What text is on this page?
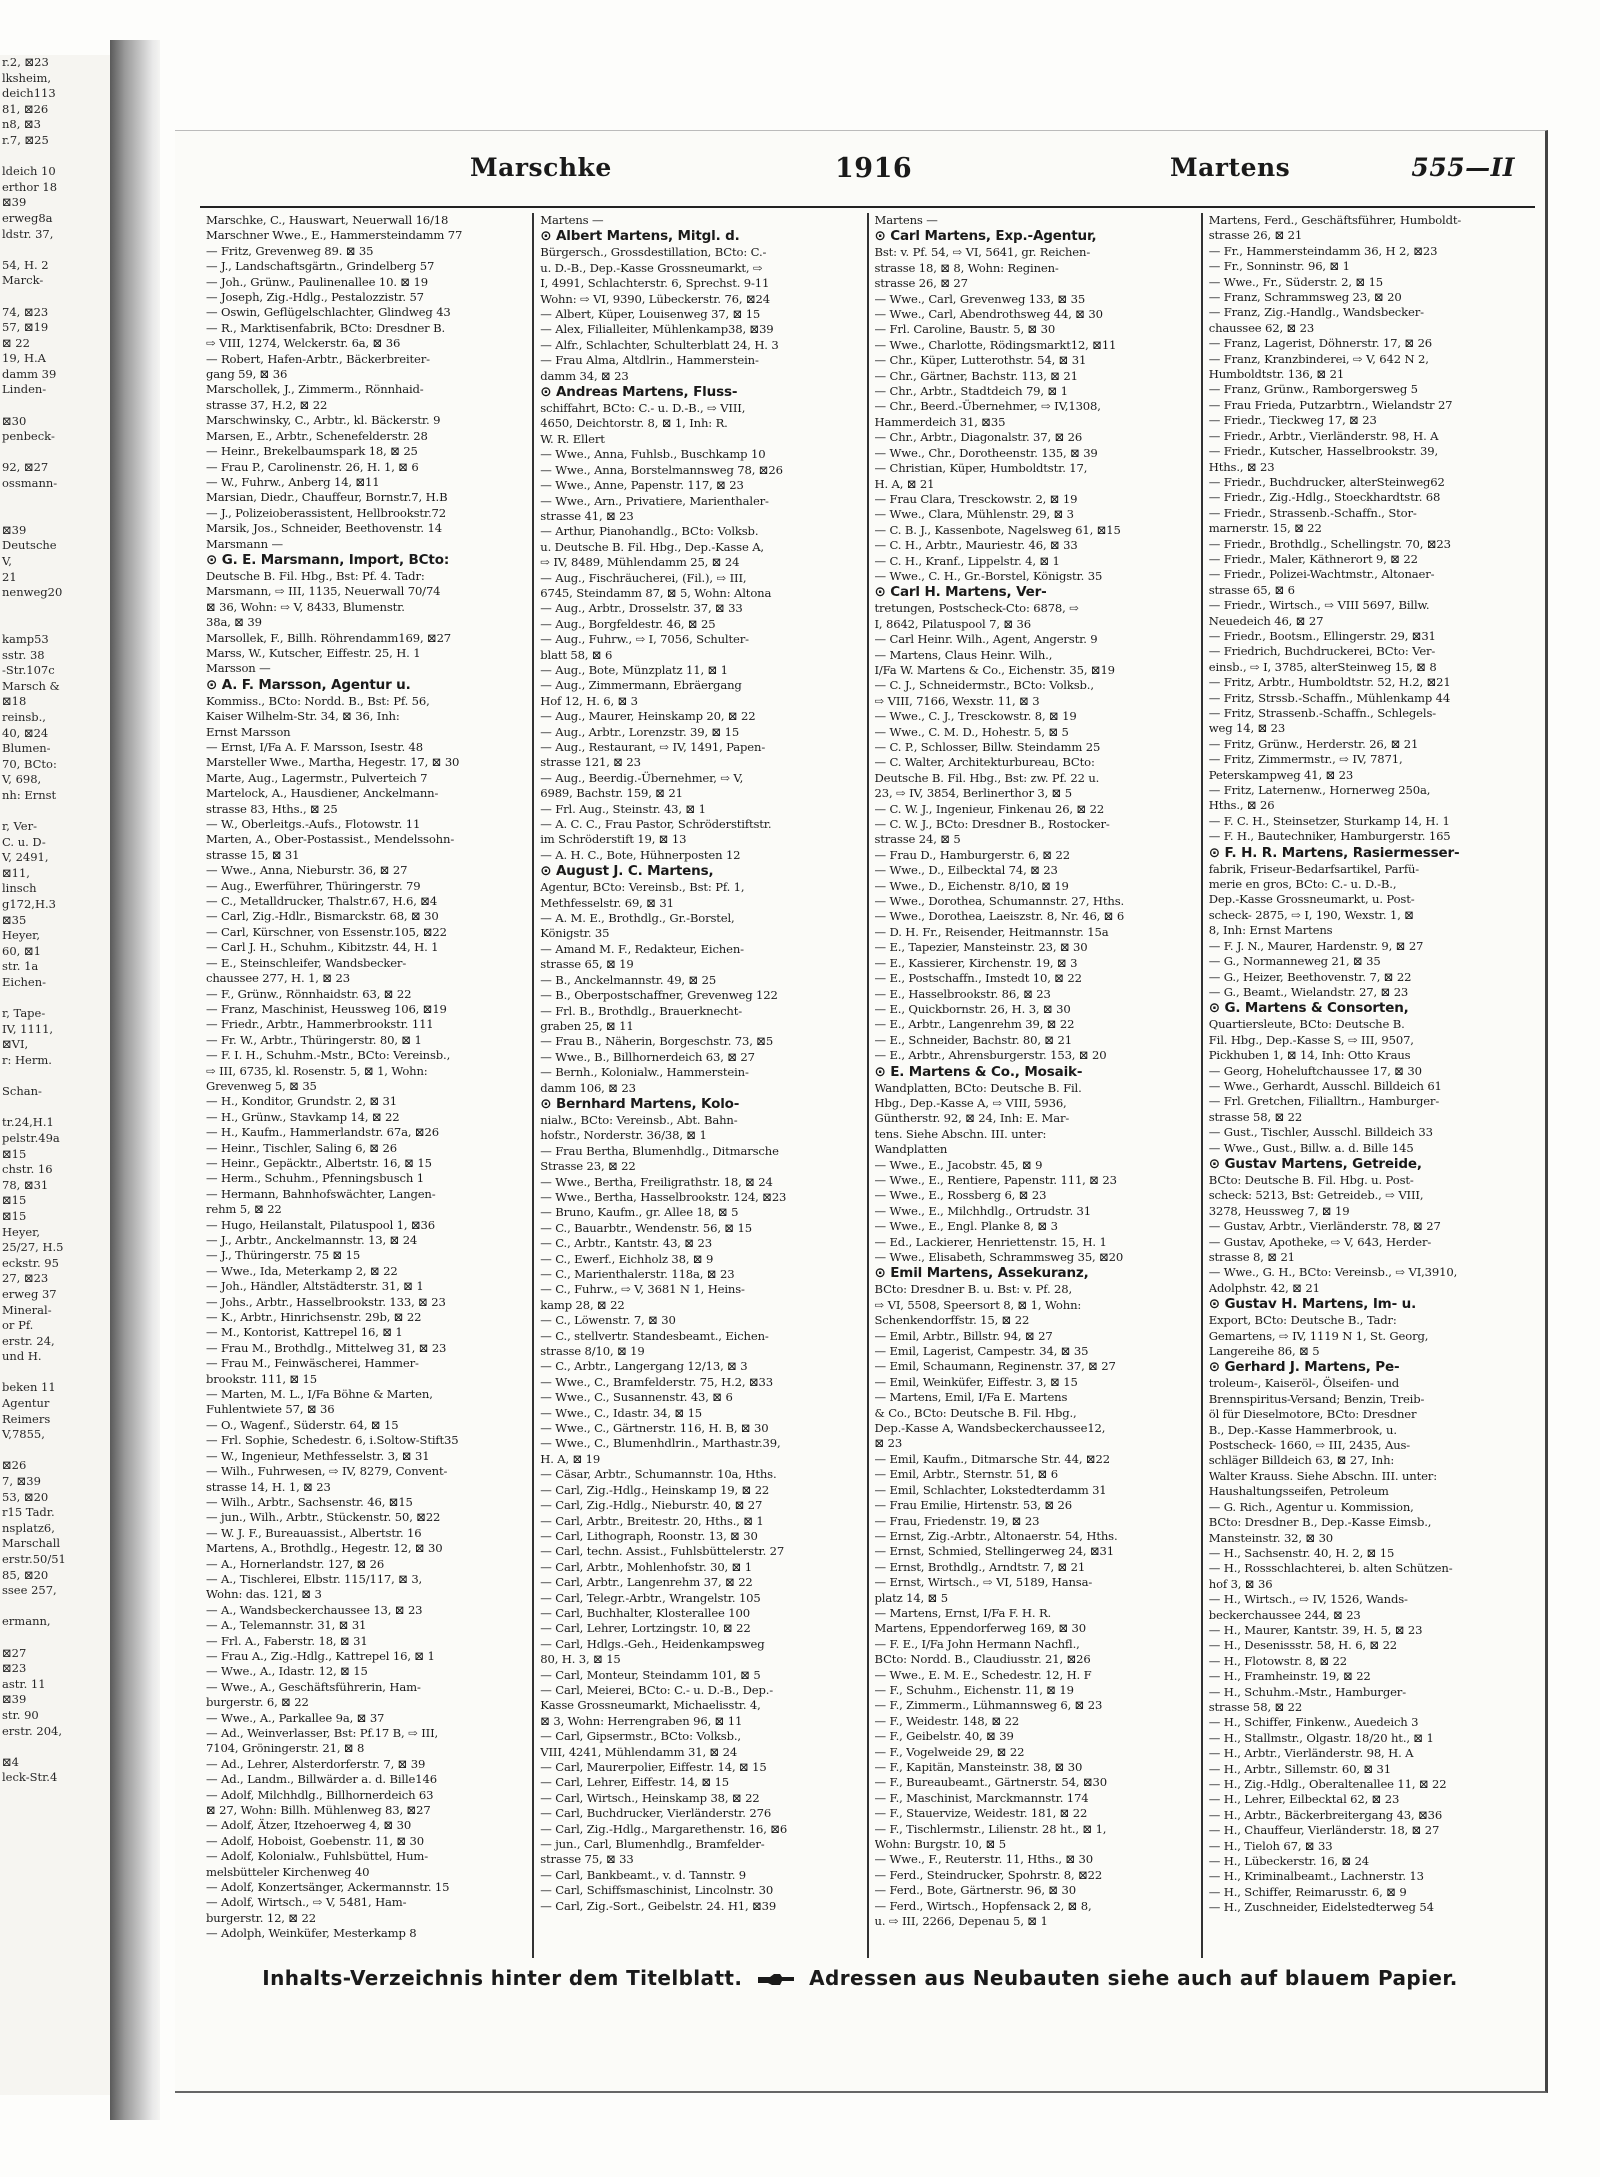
r.2, ⊠23
lksheim,
deich113
81, ⊠26
n8, ⊠3
r.7, ⊠25

ldeich 10
erthor 18
⊠39
erweg8a
ldstr. 37,

54, H. 2
Marck-

74, ⊠23
57, ⊠19
⊠ 22
19, H.A
damm 39
Linden-

⊠30
penbeck-

92, ⊠27
ossmann-

⊠39
Deutsche
V,
21
nenweg20

kamp53
sstr. 38
-Str.107c
Marsch &
⊠18
reinsb.,
40, ⊠24
Blumen-
70, BCto:
V, 698,
nh: Ernst

r, Ver-
C. u. D-
V, 2491,
⊠11,
linsch
g172,H.3
⊠35
Heyer,
60, ⊠1
str. 1a
Eichen-

r, Tape-
IV, 1111,
⊠VI,
r: Herm.

Schan-

tr.24,H.1
pelstr.49a
⊠15
chstr. 16
78, ⊠31
⊠15
⊠15
Heyer,
25/27, H.5
eckstr. 95
27, ⊠23
erweg 37
Mineral-
or Pf.
erstr. 24,
und H.

beken 11
Agentur
Reimers
V,7855,

⊠26
7, ⊠39
53, ⊠20
r15 Tadr.
nsplatz6,
Marschall
erstr.50/51
85, ⊠20
ssee 257,

ermann,

⊠27
⊠23
astr. 11
⊠39
str. 90
erstr. 204,

⊠4
leck-Str.4
Marschke	1916	Martens	555—II
Marschke, C., Hauswart, Neuerwall 16/18
Marschner Wwe., E., Hammersteindamm 77
— Fritz, Grevenweg 89. ⊠ 35
— J., Landschaftsgärtn., Grindelberg 57
— Joh., Grünw., Paulinenallee 10. ⊠ 19
— Joseph, Zig.-Hdlg., Pestalozzistr. 57
— Oswin, Geflügelschlachter, Glindweg 43
— R., Marktisenfabrik, BCto: Dresdner B.
⇨ VIII, 1274, Welckerstr. 6a, ⊠ 36
— Robert, Hafen-Arbtr., Bäckerbreiter-
gang 59, ⊠ 36
Marschollek, J., Zimmerm., Rönnhaid-
strasse 37, H.2, ⊠ 22
Marschwinsky, C., Arbtr., kl. Bäckerstr. 9
Marsen, E., Arbtr., Schenefelderstr. 28
— Heinr., Brekelbaumspark 18, ⊠ 25
— Frau P., Carolinenstr. 26, H. 1, ⊠ 6
— W., Fuhrw., Anberg 14, ⊠11
Marsian, Diedr., Chauffeur, Bornstr.7, H.B
— J., Polizeioberassistent, Hellbrookstr.72
Marsik, Jos., Schneider, Beethovenstr. 14
Marsmann —
⊙ G. E. Marsmann, Import, BCto:
Deutsche B. Fil. Hbg., Bst: Pf. 4. Tadr:
Marsmann, ⇨ III, 1135, Neuerwall 70/74
⊠ 36, Wohn: ⇨ V, 8433, Blumenstr.
38a, ⊠ 39
Marsollek, F., Billh. Röhrendamm169, ⊠27
Marss, W., Kutscher, Eiffestr. 25, H. 1
Marsson —
⊙ A. F. Marsson, Agentur u.
Kommiss., BCto: Nordd. B., Bst: Pf. 56,
Kaiser Wilhelm-Str. 34, ⊠ 36, Inh:
Ernst Marsson
— Ernst, I/Fa A. F. Marsson, Isestr. 48
Marsteller Wwe., Martha, Hegestr. 17, ⊠ 30
Marte, Aug., Lagermstr., Pulverteich 7
Martelock, A., Hausdiener, Anckelmann-
strasse 83, Hths., ⊠ 25
— W., Oberleitgs.-Aufs., Flotowstr. 11
Marten, A., Ober-Postassist., Mendelssohn-
strasse 15, ⊠ 31
— Wwe., Anna, Nieburstr. 36, ⊠ 27
— Aug., Ewerführer, Thüringerstr. 79
— C., Metalldrucker, Thalstr.67, H.6, ⊠4
— Carl, Zig.-Hdlr., Bismarckstr. 68, ⊠ 30
— Carl, Kürschner, von Essenstr.105, ⊠22
— Carl J. H., Schuhm., Kibitzstr. 44, H. 1
— E., Steinschleifer, Wandsbecker-
chaussee 277, H. 1, ⊠ 23
— F., Grünw., Rönnhaidstr. 63, ⊠ 22
— Franz, Maschinist, Heussweg 106, ⊠19
— Friedr., Arbtr., Hammerbrookstr. 111
— Fr. W., Arbtr., Thüringerstr. 80, ⊠ 1
— F. I. H., Schuhm.-Mstr., BCto: Vereinsb.,
⇨ III, 6735, kl. Rosenstr. 5, ⊠ 1, Wohn:
Grevenweg 5, ⊠ 35
— H., Konditor, Grundstr. 2, ⊠ 31
— H., Grünw., Stavkamp 14, ⊠ 22
— H., Kaufm., Hammerlandstr. 67a, ⊠26
— Heinr., Tischler, Saling 6, ⊠ 26
— Heinr., Gepäcktr., Albertstr. 16, ⊠ 15
— Herm., Schuhm., Pfenningsbusch 1
— Hermann, Bahnhofswächter, Langen-
rehm 5, ⊠ 22
— Hugo, Heilanstalt, Pilatuspool 1, ⊠36
— J., Arbtr., Anckelmannstr. 13, ⊠ 24
— J., Thüringerstr. 75 ⊠ 15
— Wwe., Ida, Meterkamp 2, ⊠ 22
— Joh., Händler, Altstädterstr. 31, ⊠ 1
— Johs., Arbtr., Hasselbrookstr. 133, ⊠ 23
— K., Arbtr., Hinrichsenstr. 29b, ⊠ 22
— M., Kontorist, Kattrepel 16, ⊠ 1
— Frau M., Brothdlg., Mittelweg 31, ⊠ 23
— Frau M., Feinwäscherei, Hammer-
brookstr. 111, ⊠ 15
— Marten, M. L., I/Fa Böhne & Marten,
Fuhlentwiete 57, ⊠ 36
— O., Wagenf., Süderstr. 64, ⊠ 15
— Frl. Sophie, Schedestr. 6, i.Soltow-Stift35
— W., Ingenieur, Methfesselstr. 3, ⊠ 31
— Wilh., Fuhrwesen, ⇨ IV, 8279, Convent-
strasse 14, H. 1, ⊠ 23
— Wilh., Arbtr., Sachsenstr. 46, ⊠15
— jun., Wilh., Arbtr., Stückenstr. 50, ⊠22
— W. J. F., Bureauassist., Albertstr. 16
Martens, A., Brothdlg., Hegestr. 12, ⊠ 30
— A., Hornerlandstr. 127, ⊠ 26
— A., Tischlerei, Elbstr. 115/117, ⊠ 3,
Wohn: das. 121, ⊠ 3
— A., Wandsbeckerchaussee 13, ⊠ 23
— A., Telemannstr. 31, ⊠ 31
— Frl. A., Faberstr. 18, ⊠ 31
— Frau A., Zig.-Hdlg., Kattrepel 16, ⊠ 1
— Wwe., A., Idastr. 12, ⊠ 15
— Wwe., A., Geschäftsführerin, Ham-
burgerstr. 6, ⊠ 22
— Wwe., A., Parkallee 9a, ⊠ 37
— Ad., Weinverlasser, Bst: Pf.17 B, ⇨ III,
7104, Gröningerstr. 21, ⊠ 8
— Ad., Lehrer, Alsterdorferstr. 7, ⊠ 39
— Ad., Landm., Billwärder a. d. Bille146
— Adolf, Milchhdlg., Billhornerdeich 63
⊠ 27, Wohn: Billh. Mühlenweg 83, ⊠27
— Adolf, Ätzer, Itzehoerweg 4, ⊠ 30
— Adolf, Hoboist, Goebenstr. 11, ⊠ 30
— Adolf, Kolonialw., Fuhlsbüttel, Hum-
melsbütteler Kirchenweg 40
— Adolf, Konzertsänger, Ackermannstr. 15
— Adolf, Wirtsch., ⇨ V, 5481, Ham-
burgerstr. 12, ⊠ 22
— Adolph, Weinküfer, Mesterkamp 8
Martens —
⊙ Albert Martens, Mitgl. d.
Bürgersch., Grossdestillation, BCto: C.-
u. D.-B., Dep.-Kasse Grossneumarkt, ⇨
I, 4991, Schlachterstr. 6, Sprechst. 9-11
Wohn: ⇨ VI, 9390, Lübeckerstr. 76, ⊠24
— Albert, Küper, Louisenweg 37, ⊠ 15
— Alex, Filialleiter, Mühlenkamp38, ⊠39
— Alfr., Schlachter, Schulterblatt 24, H. 3
— Frau Alma, Altdlrin., Hammerstein-
damm 34, ⊠ 23
⊙ Andreas Martens, Fluss-
schiffahrt, BCto: C.- u. D.-B., ⇨ VIII,
4650, Deichtorstr. 8, ⊠ 1, Inh: R.
W. R. Ellert
— Wwe., Anna, Fuhlsb., Buschkamp 10
— Wwe., Anna, Borstelmannsweg 78, ⊠26
— Wwe., Anne, Papenstr. 117, ⊠ 23
— Wwe., Arn., Privatiere, Marienthaler-
strasse 41, ⊠ 23
— Arthur, Pianohandlg., BCto: Volksb.
u. Deutsche B. Fil. Hbg., Dep.-Kasse A,
⇨ IV, 8489, Mühlendamm 25, ⊠ 24
— Aug., Fischräucherei, (Fil.), ⇨ III,
6745, Steindamm 87, ⊠ 5, Wohn: Altona
— Aug., Arbtr., Drosselstr. 37, ⊠ 33
— Aug., Borgfeldestr. 46, ⊠ 25
— Aug., Fuhrw., ⇨ I, 7056, Schulter-
blatt 58, ⊠ 6
— Aug., Bote, Münzplatz 11, ⊠ 1
— Aug., Zimmermann, Ebräergang
Hof 12, H. 6, ⊠ 3
— Aug., Maurer, Heinskamp 20, ⊠ 22
— Aug., Arbtr., Lorenzstr. 39, ⊠ 15
— Aug., Restaurant, ⇨ IV, 1491, Papen-
strasse 121, ⊠ 23
— Aug., Beerdig.-Übernehmer, ⇨ V,
6989, Bachstr. 159, ⊠ 21
— Frl. Aug., Steinstr. 43, ⊠ 1
— A. C. C., Frau Pastor, Schröderstiftstr.
im Schröderstift 19, ⊠ 13
— A. H. C., Bote, Hühnerposten 12
⊙ August J. C. Martens,
Agentur, BCto: Vereinsb., Bst: Pf. 1,
Methfesselstr. 69, ⊠ 31
— A. M. E., Brothdlg., Gr.-Borstel,
Königstr. 35
— Amand M. F., Redakteur, Eichen-
strasse 65, ⊠ 19
— B., Anckelmannstr. 49, ⊠ 25
— B., Oberpostschaffner, Grevenweg 122
— Frl. B., Brothdlg., Brauerknecht-
graben 25, ⊠ 11
— Frau B., Näherin, Borgeschstr. 73, ⊠5
— Wwe., B., Billhornerdeich 63, ⊠ 27
— Bernh., Kolonialw., Hammerstein-
damm 106, ⊠ 23
⊙ Bernhard Martens, Kolo-
nialw., BCto: Vereinsb., Abt. Bahn-
hofstr., Norderstr. 36/38, ⊠ 1
— Frau Bertha, Blumenhdlg., Ditmarsche
Strasse 23, ⊠ 22
— Wwe., Bertha, Freiligrathstr. 18, ⊠ 24
— Wwe., Bertha, Hasselbrookstr. 124, ⊠23
— Bruno, Kaufm., gr. Allee 18, ⊠ 5
— C., Bauarbtr., Wendenstr. 56, ⊠ 15
— C., Arbtr., Kantstr. 43, ⊠ 23
— C., Ewerf., Eichholz 38, ⊠ 9
— C., Marienthalerstr. 118a, ⊠ 23
— C., Fuhrw., ⇨ V, 3681 N 1, Heins-
kamp 28, ⊠ 22
— C., Löwenstr. 7, ⊠ 30
— C., stellvertr. Standesbeamt., Eichen-
strasse 8/10, ⊠ 19
— C., Arbtr., Langergang 12/13, ⊠ 3
— Wwe., C., Bramfelderstr. 75, H.2, ⊠33
— Wwe., C., Susannenstr. 43, ⊠ 6
— Wwe., C., Idastr. 34, ⊠ 15
— Wwe., C., Gärtnerstr. 116, H. B, ⊠ 30
— Wwe., C., Blumenhdlrin., Marthastr.39,
H. A, ⊠ 19
— Cäsar, Arbtr., Schumannstr. 10a, Hths.
— Carl, Zig.-Hdlg., Heinskamp 19, ⊠ 22
— Carl, Zig.-Hdlg., Nieburstr. 40, ⊠ 27
— Carl, Arbtr., Breitestr. 20, Hths., ⊠ 1
— Carl, Lithograph, Roonstr. 13, ⊠ 30
— Carl, techn. Assist., Fuhlsbüttelerstr. 27
— Carl, Arbtr., Mohlenhofstr. 30, ⊠ 1
— Carl, Arbtr., Langenrehm 37, ⊠ 22
— Carl, Telegr.-Arbtr., Wrangelstr. 105
— Carl, Buchhalter, Klosterallee 100
— Carl, Lehrer, Lortzingstr. 10, ⊠ 22
— Carl, Hdlgs.-Geh., Heidenkampsweg
80, H. 3, ⊠ 15
— Carl, Monteur, Steindamm 101, ⊠ 5
— Carl, Meierei, BCto: C.- u. D.-B., Dep.-
Kasse Grossneumarkt, Michaelisstr. 4,
⊠ 3, Wohn: Herrengraben 96, ⊠ 11
— Carl, Gipsermstr., BCto: Volksb.,
VIII, 4241, Mühlendamm 31, ⊠ 24
— Carl, Maurerpolier, Eiffestr. 14, ⊠ 15
— Carl, Lehrer, Eiffestr. 14, ⊠ 15
— Carl, Wirtsch., Heinskamp 38, ⊠ 22
— Carl, Buchdrucker, Vierländerstr. 276
— Carl, Zig.-Hdlg., Margarethenstr. 16, ⊠6
— jun., Carl, Blumenhdlg., Bramfelder-
strasse 75, ⊠ 33
— Carl, Bankbeamt., v. d. Tannstr. 9
— Carl, Schiffsmaschinist, Lincolnstr. 30
— Carl, Zig.-Sort., Geibelstr. 24. H1, ⊠39
Martens —
⊙ Carl Martens, Exp.-Agentur,
Bst: v. Pf. 54, ⇨ VI, 5641, gr. Reichen-
strasse 18, ⊠ 8, Wohn: Reginen-
strasse 26, ⊠ 27
— Wwe., Carl, Grevenweg 133, ⊠ 35
— Wwe., Carl, Abendrothsweg 44, ⊠ 30
— Frl. Caroline, Baustr. 5, ⊠ 30
— Wwe., Charlotte, Rödingsmarkt12, ⊠11
— Chr., Küper, Lutterothstr. 54, ⊠ 31
— Chr., Gärtner, Bachstr. 113, ⊠ 21
— Chr., Arbtr., Stadtdeich 79, ⊠ 1
— Chr., Beerd.-Übernehmer, ⇨ IV,1308,
Hammerdeich 31, ⊠35
— Chr., Arbtr., Diagonalstr. 37, ⊠ 26
— Wwe., Chr., Dorotheenstr. 135, ⊠ 39
— Christian, Küper, Humboldtstr. 17,
H. A, ⊠ 21
— Frau Clara, Tresckowstr. 2, ⊠ 19
— Wwe., Clara, Mühlenstr. 29, ⊠ 3
— C. B. J., Kassenbote, Nagelsweg 61, ⊠15
— C. H., Arbtr., Mauriestr. 46, ⊠ 33
— C. H., Kranf., Lippelstr. 4, ⊠ 1
— Wwe., C. H., Gr.-Borstel, Königstr. 35
⊙ Carl H. Martens, Ver-
tretungen, Postscheck-Cto: 6878, ⇨
I, 8642, Pilatuspool 7, ⊠ 36
— Carl Heinr. Wilh., Agent, Angerstr. 9
— Martens, Claus Heinr. Wilh.,
I/Fa W. Martens & Co., Eichenstr. 35, ⊠19
— C. J., Schneidermstr., BCto: Volksb.,
⇨ VIII, 7166, Wexstr. 11, ⊠ 3
— Wwe., C. J., Tresckowstr. 8, ⊠ 19
— Wwe., C. M. D., Hohestr. 5, ⊠ 5
— C. P., Schlosser, Billw. Steindamm 25
— C. Walter, Architekturbureau, BCto:
Deutsche B. Fil. Hbg., Bst: zw. Pf. 22 u.
23, ⇨ IV, 3854, Berlinerthor 3, ⊠ 5
— C. W. J., Ingenieur, Finkenau 26, ⊠ 22
— C. W. J., BCto: Dresdner B., Rostocker-
strasse 24, ⊠ 5
— Frau D., Hamburgerstr. 6, ⊠ 22
— Wwe., D., Eilbecktal 74, ⊠ 23
— Wwe., D., Eichenstr. 8/10, ⊠ 19
— Wwe., Dorothea, Schumannstr. 27, Hths.
— Wwe., Dorothea, Laeiszstr. 8, Nr. 46, ⊠ 6
— D. H. Fr., Reisender, Heitmannstr. 15a
— E., Tapezier, Mansteinstr. 23, ⊠ 30
— E., Kassierer, Kirchenstr. 19, ⊠ 3
— E., Postschaffn., Imstedt 10, ⊠ 22
— E., Hasselbrookstr. 86, ⊠ 23
— E., Quickbornstr. 26, H. 3, ⊠ 30
— E., Arbtr., Langenrehm 39, ⊠ 22
— E., Schneider, Bachstr. 80, ⊠ 21
— E., Arbtr., Ahrensburgerstr. 153, ⊠ 20
⊙ E. Martens & Co., Mosaik-
Wandplatten, BCto: Deutsche B. Fil.
Hbg., Dep.-Kasse A, ⇨ VIII, 5936,
Güntherstr. 92, ⊠ 24, Inh: E. Mar-
tens. Siehe Abschn. III. unter:
Wandplatten
— Wwe., E., Jacobstr. 45, ⊠ 9
— Wwe., E., Rentiere, Papenstr. 111, ⊠ 23
— Wwe., E., Rossberg 6, ⊠ 23
— Wwe., E., Milchhdlg., Ortrudstr. 31
— Wwe., E., Engl. Planke 8, ⊠ 3
— Ed., Lackierer, Henriettenstr. 15, H. 1
— Wwe., Elisabeth, Schrammsweg 35, ⊠20
⊙ Emil Martens, Assekuranz,
BCto: Dresdner B. u. Bst: v. Pf. 28,
⇨ VI, 5508, Speersort 8, ⊠ 1, Wohn:
Schenkendorffstr. 15, ⊠ 22
— Emil, Arbtr., Billstr. 94, ⊠ 27
— Emil, Lagerist, Campestr. 34, ⊠ 35
— Emil, Schaumann, Reginenstr. 37, ⊠ 27
— Emil, Weinküfer, Eiffestr. 3, ⊠ 15
— Martens, Emil, I/Fa E. Martens
& Co., BCto: Deutsche B. Fil. Hbg.,
Dep.-Kasse A, Wandsbeckerchaussee12,
⊠ 23
— Emil, Kaufm., Ditmarsche Str. 44, ⊠22
— Emil, Arbtr., Sternstr. 51, ⊠ 6
— Emil, Schlachter, Lokstedterdamm 31
— Frau Emilie, Hirtenstr. 53, ⊠ 26
— Frau, Friedenstr. 19, ⊠ 23
— Ernst, Zig.-Arbtr., Altonaerstr. 54, Hths.
— Ernst, Schmied, Stellingerweg 24, ⊠31
— Ernst, Brothdlg., Arndtstr. 7, ⊠ 21
— Ernst, Wirtsch., ⇨ VI, 5189, Hansa-
platz 14, ⊠ 5
— Martens, Ernst, I/Fa F. H. R.
Martens, Eppendorferweg 169, ⊠ 30
— F. E., I/Fa John Hermann Nachfl.,
BCto: Nordd. B., Claudiusstr. 21, ⊠26
— Wwe., E. M. E., Schedestr. 12, H. F
— F., Schuhm., Eichenstr. 11, ⊠ 19
— F., Zimmerm., Lühmannsweg 6, ⊠ 23
— F., Weidestr. 148, ⊠ 22
— F., Geibelstr. 40, ⊠ 39
— F., Vogelweide 29, ⊠ 22
— F., Kapitän, Mansteinstr. 38, ⊠ 30
— F., Bureaubeamt., Gärtnerstr. 54, ⊠30
— F., Maschinist, Marckmannstr. 174
— F., Stauervize, Weidestr. 181, ⊠ 22
— F., Tischlermstr., Lilienstr. 28 ht., ⊠ 1,
Wohn: Burgstr. 10, ⊠ 5
— Wwe., F., Reuterstr. 11, Hths., ⊠ 30
— Ferd., Steindrucker, Spohrstr. 8, ⊠22
— Ferd., Bote, Gärtnerstr. 96, ⊠ 30
— Ferd., Wirtsch., Hopfensack 2, ⊠ 8,
u. ⇨ III, 2266, Depenau 5, ⊠ 1
Martens, Ferd., Geschäftsführer, Humboldt-
strasse 26, ⊠ 21
— Fr., Hammersteindamm 36, H 2, ⊠23
— Fr., Sonninstr. 96, ⊠ 1
— Wwe., Fr., Süderstr. 2, ⊠ 15
— Franz, Schrammsweg 23, ⊠ 20
— Franz, Zig.-Handlg., Wandsbecker-
chaussee 62, ⊠ 23
— Franz, Lagerist, Döhnerstr. 17, ⊠ 26
— Franz, Kranzbinderei, ⇨ V, 642 N 2,
Humboldtstr. 136, ⊠ 21
— Franz, Grünw., Ramborgersweg 5
— Frau Frieda, Putzarbtrn., Wielandstr 27
— Friedr., Tieckweg 17, ⊠ 23
— Friedr., Arbtr., Vierländerstr. 98, H. A
— Friedr., Kutscher, Hasselbrookstr. 39,
Hths., ⊠ 23
— Friedr., Buchdrucker, alterSteinweg62
— Friedr., Zig.-Hdlg., Stoeckhardtstr. 68
— Friedr., Strassenb.-Schaffn., Stor-
marnerstr. 15, ⊠ 22
— Friedr., Brothdlg., Schellingstr. 70, ⊠23
— Friedr., Maler, Käthnerort 9, ⊠ 22
— Friedr., Polizei-Wachtmstr., Altonaer-
strasse 65, ⊠ 6
— Friedr., Wirtsch., ⇨ VIII 5697, Billw.
Neuedeich 46, ⊠ 27
— Friedr., Bootsm., Ellingerstr. 29, ⊠31
— Friedrich, Buchdruckerei, BCto: Ver-
einsb., ⇨ I, 3785, alterSteinweg 15, ⊠ 8
— Fritz, Arbtr., Humboldtstr. 52, H.2, ⊠21
— Fritz, Strssb.-Schaffn., Mühlenkamp 44
— Fritz, Strassenb.-Schaffn., Schlegels-
weg 14, ⊠ 23
— Fritz, Grünw., Herderstr. 26, ⊠ 21
— Fritz, Zimmermstr., ⇨ IV, 7871,
Peterskampweg 41, ⊠ 23
— Fritz, Laternenw., Hornerweg 250a,
Hths., ⊠ 26
— F. C. H., Steinsetzer, Sturkamp 14, H. 1
— F. H., Bautechniker, Hamburgerstr. 165
⊙ F. H. R. Martens, Rasiermesser-
fabrik, Friseur-Bedarfsartikel, Parfü-
merie en gros, BCto: C.- u. D.-B.,
Dep.-Kasse Grossneumarkt, u. Post-
scheck- 2875, ⇨ I, 190, Wexstr. 1, ⊠
8, Inh: Ernst Martens
— F. J. N., Maurer, Hardenstr. 9, ⊠ 27
— G., Normanneweg 21, ⊠ 35
— G., Heizer, Beethovenstr. 7, ⊠ 22
— G., Beamt., Wielandstr. 27, ⊠ 23
⊙ G. Martens & Consorten,
Quartiersleute, BCto: Deutsche B.
Fil. Hbg., Dep.-Kasse S, ⇨ III, 9507,
Pickhuben 1, ⊠ 14, Inh: Otto Kraus
— Georg, Hoheluftchaussee 17, ⊠ 30
— Wwe., Gerhardt, Ausschl. Billdeich 61
— Frl. Gretchen, Filialltrn., Hamburger-
strasse 58, ⊠ 22
— Gust., Tischler, Ausschl. Billdeich 33
— Wwe., Gust., Billw. a. d. Bille 145
⊙ Gustav Martens, Getreide,
BCto: Deutsche B. Fil. Hbg. u. Post-
scheck: 5213, Bst: Getreideb., ⇨ VIII,
3278, Heussweg 7, ⊠ 19
— Gustav, Arbtr., Vierländerstr. 78, ⊠ 27
— Gustav, Apotheke, ⇨ V, 643, Herder-
strasse 8, ⊠ 21
— Wwe., G. H., BCto: Vereinsb., ⇨ VI,3910,
Adolphstr. 42, ⊠ 21
⊙ Gustav H. Martens, Im- u.
Export, BCto: Deutsche B., Tadr:
Gemartens, ⇨ IV, 1119 N 1, St. Georg,
Langereihe 86, ⊠ 5
⊙ Gerhard J. Martens, Pe-
troleum-, Kaiseröl-, Ölseifen- und
Brennspiritus-Versand; Benzin, Treib-
öl für Dieselmotore, BCto: Dresdner
B., Dep.-Kasse Hammerbrook, u.
Postscheck- 1660, ⇨ III, 2435, Aus-
schläger Billdeich 63, ⊠ 27, Inh:
Walter Krauss. Siehe Abschn. III. unter:
Haushaltungsseifen, Petroleum
— G. Rich., Agentur u. Kommission,
BCto: Dresdner B., Dep.-Kasse Eimsb.,
Mansteinstr. 32, ⊠ 30
— H., Sachsenstr. 40, H. 2, ⊠ 15
— H., Rossschlachterei, b. alten Schützen-
hof 3, ⊠ 36
— H., Wirtsch., ⇨ IV, 1526, Wands-
beckerchaussee 244, ⊠ 23
— H., Maurer, Kantstr. 39, H. 5, ⊠ 23
— H., Desenissstr. 58, H. 6, ⊠ 22
— H., Flotowstr. 8, ⊠ 22
— H., Framheinstr. 19, ⊠ 22
— H., Schuhm.-Mstr., Hamburger-
strasse 58, ⊠ 22
— H., Schiffer, Finkenw., Auedeich 3
— H., Stallmstr., Olgastr. 18/20 ht., ⊠ 1
— H., Arbtr., Vierländerstr. 98, H. A
— H., Arbtr., Sillemstr. 60, ⊠ 31
— H., Zig.-Hdlg., Oberaltenallee 11, ⊠ 22
— H., Lehrer, Eilbecktal 62, ⊠ 23
— H., Arbtr., Bäckerbreitergang 43, ⊠36
— H., Chauffeur, Vierländerstr. 18, ⊠ 27
— H., Tieloh 67, ⊠ 33
— H., Lübeckerstr. 16, ⊠ 24
— H., Kriminalbeamt., Lachnerstr. 13
— H., Schiffer, Reimarusstr. 6, ⊠ 9
— H., Zuschneider, Eidelstedterweg 54
Inhalts-Verzeichnis hinter dem Titelblatt.	Adressen aus Neubauten siehe auch auf blauem Papier.
